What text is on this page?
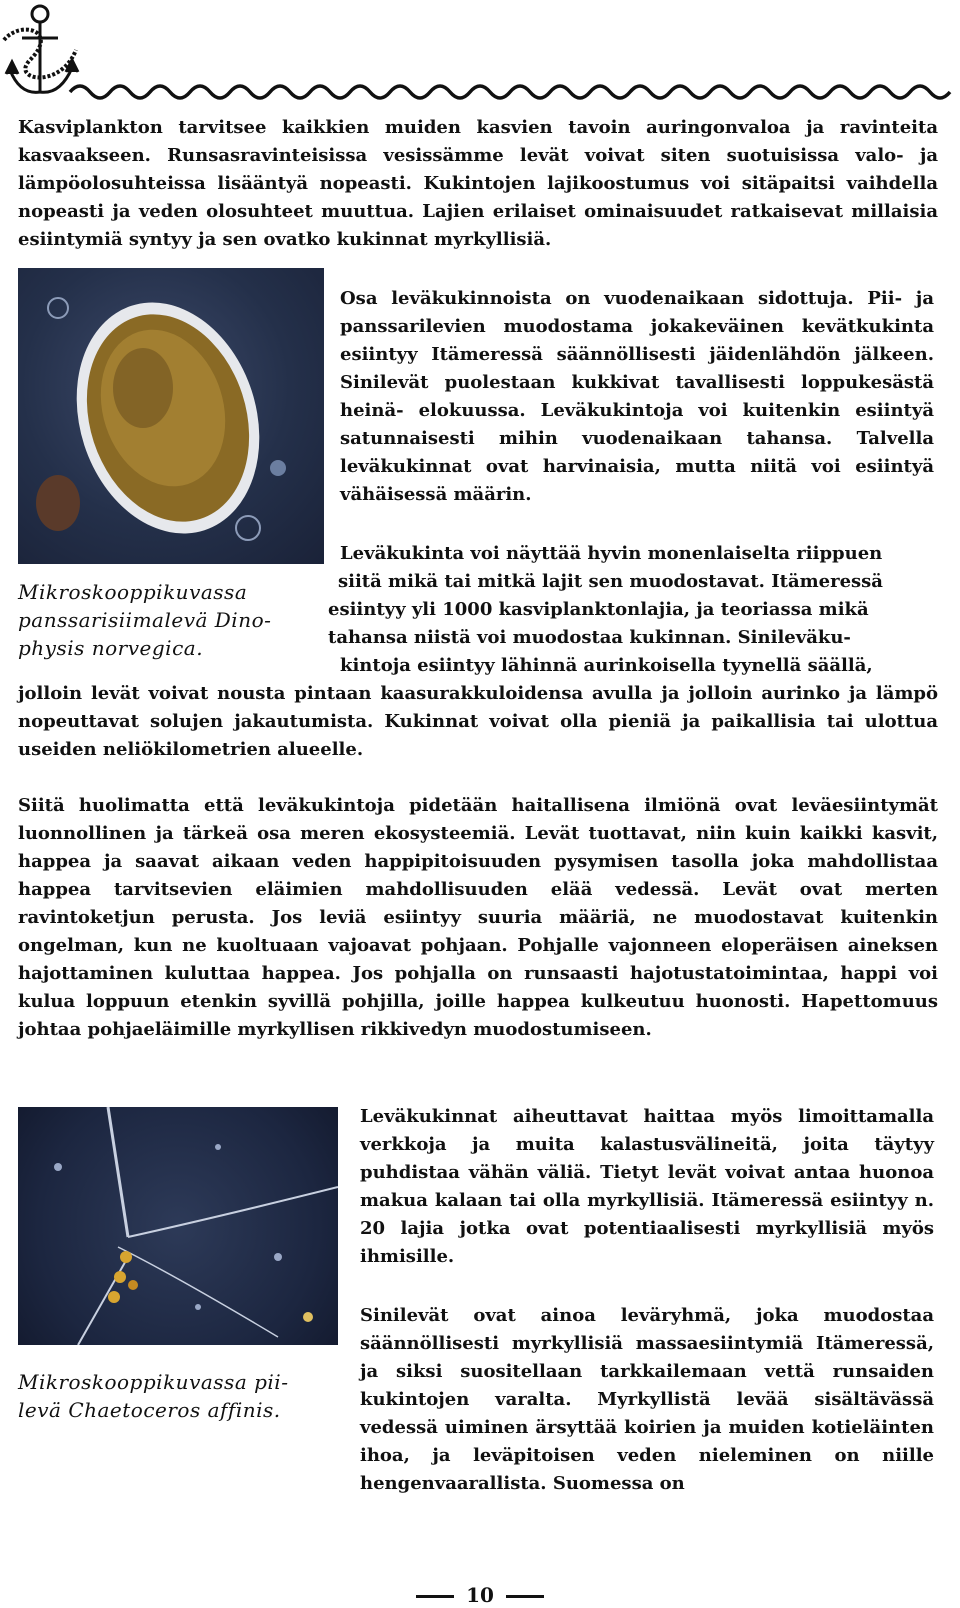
Kasviplankton tarvitsee kaikkien muiden kasvien tavoin auringonvaloa ja ravinteita kasvaakseen. Runsasravinteisissa vesissämme levät voivat siten suotuisissa valo- ja lämpöolosuhteissa lisääntyä nopeasti. Kukintojen lajikoostumus voi sitäpaitsi vaihdella nopeasti ja veden olosuhteet muuttua. Lajien erilaiset ominaisuudet ratkaisevat millaisia esiintymiä syntyy ja sen ovatko kukinnat myrkyllisiä.

Osa leväkukinnoista on vuodenaikaan sidottuja. Pii- ja panssarilevien muodostama jokakeväinen kevätkukinta esiintyy Itämeressä säännöllisesti jäidenlähdön jälkeen. Sinilevät puolestaan kukkivat tavallisesti loppukesästä heinä- elokuussa. Leväkukintoja voi kuitenkin esiintyä satunnaisesti mihin vuodenaikaan tahansa. Talvella leväkukinnat ovat harvinaisia, mutta niitä voi esiintyä vähäisessä määrin.

Mikroskooppikuvassa
panssarisiimalevä Dino-
physis norvegica.
Leväkukinta voi näyttää hyvin monenlaiselta riippuen
siitä mikä tai mitkä lajit sen muodostavat. Itämeressä
esiintyy yli 1000 kasviplanktonlajia, ja teoriassa mikä
tahansa niistä voi muodostaa kukinnan. Sinileväku-
kintoja esiintyy lähinnä aurinkoisella tyynellä säällä,

jolloin levät voivat nousta pintaan kaasurakkuloidensa avulla ja jolloin aurinko ja lämpö nopeuttavat solujen jakautumista. Kukinnat voivat olla pieniä ja paikallisia tai ulottua useiden neliökilometrien alueelle.

Siitä huolimatta että leväkukintoja pidetään haitallisena ilmiönä ovat leväesiintymät luonnollinen ja tärkeä osa meren ekosysteemiä. Levät tuottavat, niin kuin kaikki kasvit, happea ja saavat aikaan veden happipitoisuuden pysymisen tasolla joka mahdollistaa happea tarvitsevien eläimien mahdollisuuden elää vedessä. Levät ovat merten ravintoketjun perusta. Jos leviä esiintyy suuria määriä, ne muodostavat kuitenkin ongelman, kun ne kuoltuaan vajoavat pohjaan. Pohjalle vajonneen eloperäisen aineksen hajottaminen kuluttaa happea. Jos pohjalla on runsaasti hajotustatoimintaa, happi voi kulua loppuun etenkin syvillä pohjilla, joille happea kulkeutuu huonosti. Hapettomuus johtaa pohjaeläimille myrkyllisen rikkivedyn muodostumiseen.

Mikroskooppikuvassa pii-
levä Chaetoceros affinis.

Leväkukinnat aiheuttavat haittaa myös limoittamalla verkkoja ja muita kalastusvälineitä, joita täytyy puhdistaa vähän väliä. Tietyt levät voivat antaa huonoa makua kalaan tai olla myrkyllisiä. Itämeressä esiintyy n. 20 lajia jotka ovat potentiaalisesti myrkyllisiä myös ihmisille.

Sinilevät ovat ainoa leväryhmä, joka muodostaa säännöllisesti myrkyllisiä massaesiintymiä Itämeressä, ja siksi suositellaan tarkkailemaan vettä runsaiden kukintojen varalta. Myrkyllistä levää sisältävässä vedessä uiminen ärsyttää koirien ja muiden kotieläinten ihoa, ja leväpitoisen veden nieleminen on niille hengenvaarallista. Suomessa on

10
